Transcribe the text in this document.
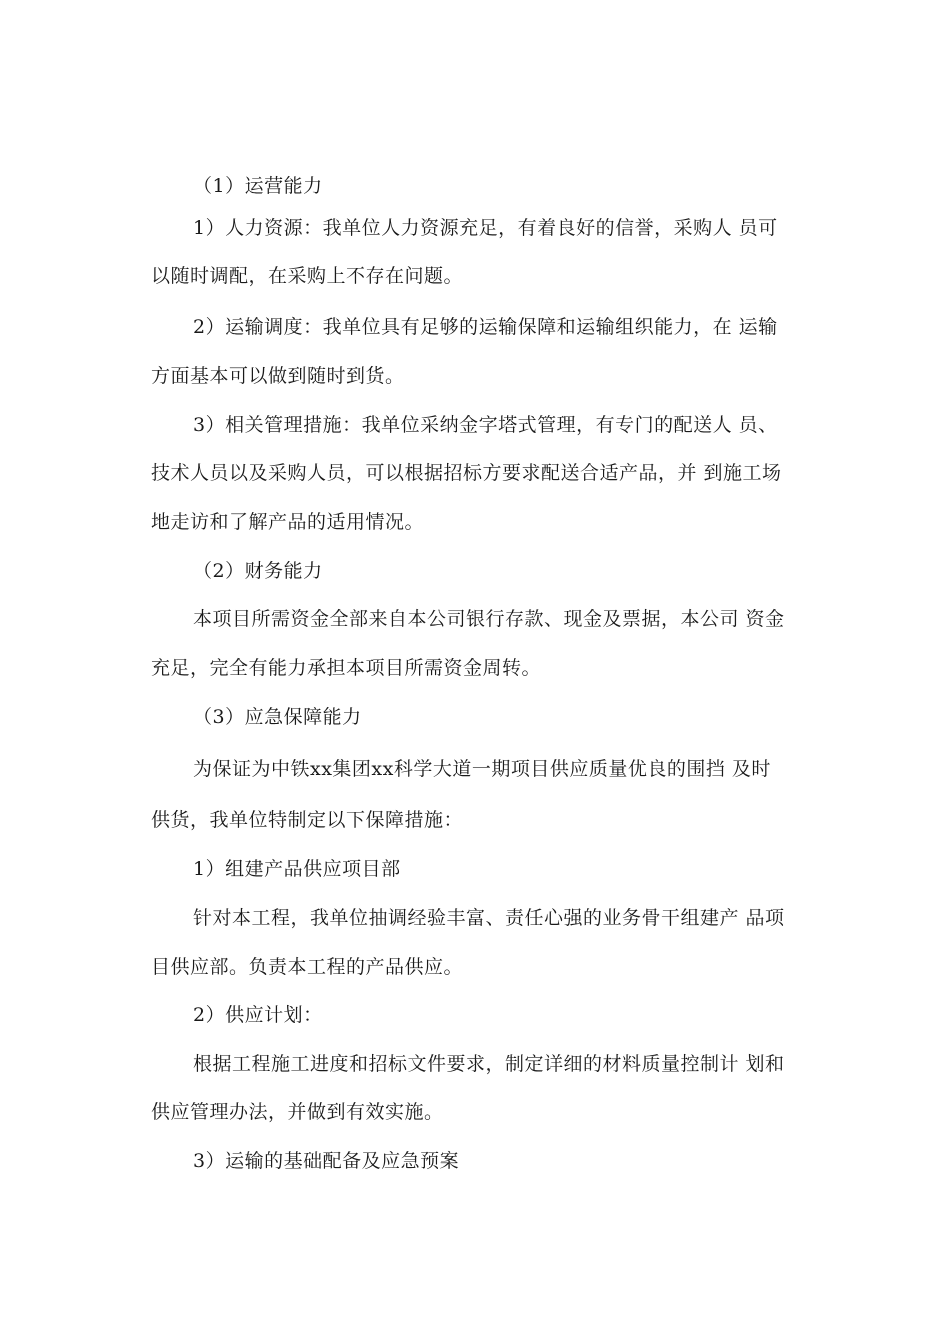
（1）运营能力
1）人力资源：我单位人力资源充足，有着良好的信誉，采购人 员可
以随时调配，在采购上不存在问题。
2）运输调度：我单位具有足够的运输保障和运输组织能力，在 运输
方面基本可以做到随时到货。
3）相关管理措施：我单位采纳金字塔式管理，有专门的配送人 员、
技术人员以及采购人员，可以根据招标方要求配送合适产品，并 到施工场
地走访和了解产品的适用情况。
（2）财务能力
本项目所需资金全部来自本公司银行存款、现金及票据，本公司 资金
充足，完全有能力承担本项目所需资金周转。
（3）应急保障能力
为保证为中铁xx集团xx科学大道一期项目供应质量优良的围挡 及时
供货，我单位特制定以下保障措施：
1）组建产品供应项目部
针对本工程，我单位抽调经验丰富、责任心强的业务骨干组建产 品项
目供应部。负责本工程的产品供应。
2）供应计划：
根据工程施工进度和招标文件要求，制定详细的材料质量控制计 划和
供应管理办法，并做到有效实施。
3）运输的基础配备及应急预案
